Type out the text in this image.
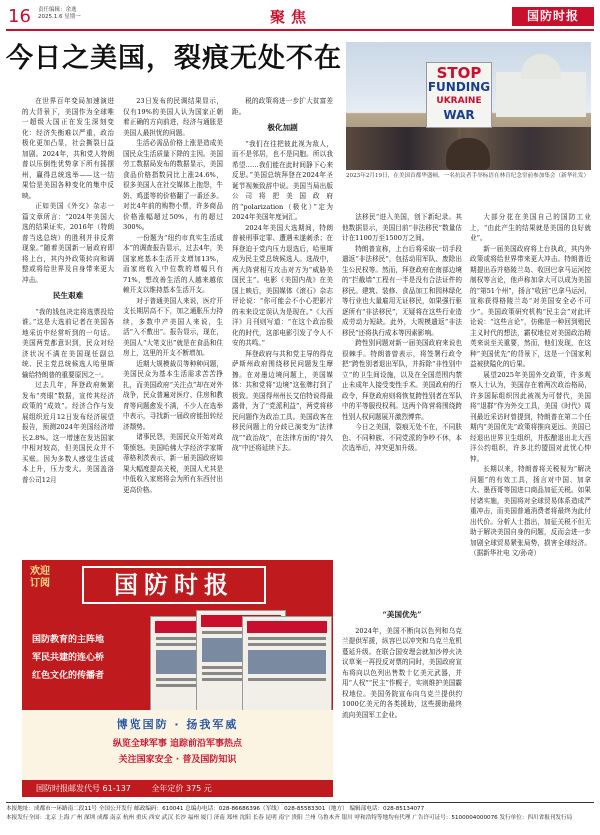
16 责任编辑：余逸
2025.1.6 星期一	聚焦	国防时报
今日之美国，裂痕无处不在	STOP
FUNDING
UKRAINE
WAR
2023年2月19日，在美国首都华盛顿，一名抗议者手举标语在林肯纪念堂前参加集会（新华社发）

在世界百年变局加速演进的大背景下，美国作为全球唯一超级大国正在发生深刻变化：经济失衡难以严重，政治极化更加凸显，社会撕裂日益加剧。2024年，共和党人特朗普以压倒性优势拿下所有摇摆州，赢得总统选举——这一结果恰是美国各种变化的集中反映。

正如美国《外交》杂志一篇文章所言：“2024年美国大选的结果证实，2016年（特朗普当选总统）的胜利并非反常现象。”随着美国新一届政府即将上台，其内外政策转向和调整或将给世界及自身带来更大冲击。

民生艰难

“我的钱包决定将选票投给谁。”这是大选前记者在美国各地采访中经常听到的一句话。美国两党都意识到，民众对经济状况不满在美国现任副总统、民主党总统候选人哈里斯输给特朗普的重要原因之一。

过去几年，拜登政府频繁发布“亮眼”数据，宣传其经济政策的“成效”。经济合作与发展组织近月12日发布经济展望报告，预测2024年美国经济增长2.8%。这一增速在发达国家中相对较高，但美国民众并不买账。因为多数人感觉生活成本上升，压力变大。美国盖洛普公司12月

23日发布的民调结果显示，仅有19%的美国人认为国家正朝着正确的方向前进，经济与通胀是美国人最担忧的问题。

生活必需品价格上涨是造成美国民众生活质量下降的主因。美国劳工数据局发布的数据显示，美国食品价格指数同比上涨24.6%，很多美国人在社交媒体上抱怨，牛奶、鸡蛋等的价格翻了一番还多。对比4年前的购物小票，许多商品价格涨幅超过50%，有的超过300%。

一份题为“纽约市真实生活成本”的调查报告显示，过去4年，美国家庭基本生活开支增加13%，而家庭收入中位数的增幅只有71%，想改善生活的人越来越依赖开支以维持基本生活开支。

对于普通美国人来说，医疗开支长期居高不下，加之通胀压力持续，多数中产美国人来说，生活“入不敷出”。报告显示，现在，美国人“大笔支出”就是在食品和住房上，这里的开支不断增加。

近期大规模裁员等种种问题，美国民众为基本生活需求苦苦挣扎，而美国政府“关注点”却在对外战争，民众普遍对医疗、住房和教育等问题愈发不满，不少人在选举中表示，寻找新一届政府能扭转经济颓势。

诸事民怨，美国民众开始对政策愤怒。美国哈佛大学经济学家斯蒂格利茨表示，新一届美国政府如果大幅度提高关税，美国人尤其是中低收入家庭将会为所有东西付出更高价格。

税的政策将进一步扩大贫富差距。

极化加剧

“我们在往把彼此视为敌人，而不是邻居，也不是同胞。所以我希望……我们能在此时间静下心来反思。”美国总统拜登在2024年圣诞节视频致辞中说。美国当局出版公司将把美国政府的“polarization（极化）”定为2024年美国年度词汇。

2024年美国大选期间，特朗普被刑事定罪、遭遇未遂刺杀；在拜登迫于党内压力退选后，哈里斯成为民主党总统候选人。选战中，两大阵营相互攻击对方为“威胁美国民主”。电影《美国内战》在美国上映后，美国媒体《滚石》杂志评论说：“你可能会不小心把影片的未来设定误认为是现在。”《大西洋》月刊则写道：“在这个政治极化的时代，这部电影引发了令人不安的共鸣。”

拜登政府与共和党主导的得克萨斯州政府围绕移民问题发生摩擦。在对墨边境问题上，美国媒体：共和党将“边境”这张牌打到了极致。美国得州州长艾伯特说得最露骨，为了“党派利益”，两党将移民问题作为政治工具。美国政客在移民问题上的分歧已演变为“法律战”“政治战”，在法律方面的“持久战”中还将延续下去。

法移民”进入美国，创下新纪录。其他数据显示，美国目前“非法移民”数量估计在1100万至1500万之间。

特朗普宣称，上台后将采取一切手段遣返“非法移民”，包括动用军队、废除出生公民权等。然而，拜登政府在南部边境的“拦截墙”工程有一半是没有合法证件的移民。建筑、装修、食品加工和园林绿化等行业也大量雇用无证移民，如果强行驱逐所有“非法移民”，无疑将在这些行业造成劳动力短缺。此外，大规模遣返“非法移民”还将执行成本等因素影响。

跨性别问题对新一届美国政府来说也很棘手。特朗普曾表示，将签署行政令把“跨性别者退出军队，并拆除“非性别中立”的卫生间设施，以及在全国范围内禁止未成年人接受变性手术。美国政府的行政令，拜登政府则将恢复跨性别者在军队中的平等服役权利。这两个阵营将围绕跨性别人权问题展开激烈博弈。

今日之美国，裂痕无处不在，不同肤色、不同种族、不同党派的争吵不休，本次选举后，冲突更加升级。

“美国优先”

2024年，美国不断向以色列和乌克兰提供军援，纵容巴以冲突和乌克兰危机蔓延升级。在联合国安理会就加沙停火决议草案一再投反对票的同时，美国政府宣布将向以色列出售数十亿美元武器，并用“人权”“民主”作幌子，实则维护美国霸权地位。美国务院宣布向乌克兰提供约1000亿美元的各类援助，这些援助最终流向美国军工企业。

大部分花在美国自己的国防工业上，“由此产生的结果就是美国的良好就业”。

新一届美国政府将上台执政，其内外政策或将给世界带来更大冲击。特朗普近期提出吞并格陵兰岛、收回巴拿马运河控制权等言论，他声称加拿大可以成为美国的“第51个州”，扬言“收回”巴拿马运河，宣称获得格陵兰岛“对美国安全必不可少”。美国政策研究机构“民主会”对此评论说：“这些言论”，仿佛是一种回到殖民主义时代的想法，霸权地位对美国政治精英来说至关重要，然而，他们发现，在这种“美国优先”的背景下，这是一个国家利益被狭隘化的后果。

展望2025年美国外交政策，许多观察人士认为，美国存在着两次政治格局，许多国际组织因此被视为可替代，美国将“退群”作为外交工具，美国《时代》周刊最近采访时曾提到，特朗普在第二个任期内“美国优先”政策将推向更远。美国已经退出世界卫生组织，并酝酿退出北大西洋公约组织，许多北约盟国对此忧心忡忡。

长期以来，特朗普将关税视为“解决问题”的有效工具，扬言对中国、加拿大、墨西哥等国进口商品加征关税。如果付诸实施，美国将对全球贸易体系造成严重冲击，而美国普通消费者将最终为此付出代价。分析人士指出，加征关税不但无助于解决美国自身的问题，反而会进一步加剧全球贸易紧张局势，损害全球经济。（据新华社电 文/孙奇）

欢迎
订阅	国防时报
国防教育的主阵地
军民共建的连心桥
红色文化的传播者
博览国防 · 扬我军威
纵览全球军事 追踪前沿军事热点
关注国家安全 · 普及国防知识
国防时报邮发代号 61-137	全年定价 375 元
本报地址：成都市一环路南二段11号 全国公开发行 邮政编码：610041 总编办电话：028-86686396（军线） 028-85583301（地方） 编辑部电话：028-85134077
本报发行全国：北京 上海 广州 深圳 成都 南京 杭州 重庆 西安 武汉 长沙 福州 厦门 济南 郑州 沈阳 长春 昆明 南宁 贵阳 兰州 乌鲁木齐 银川 呼和浩特等地均有代理 广告许可证号：5100004000076 发行单位：四川省报刊发行局
